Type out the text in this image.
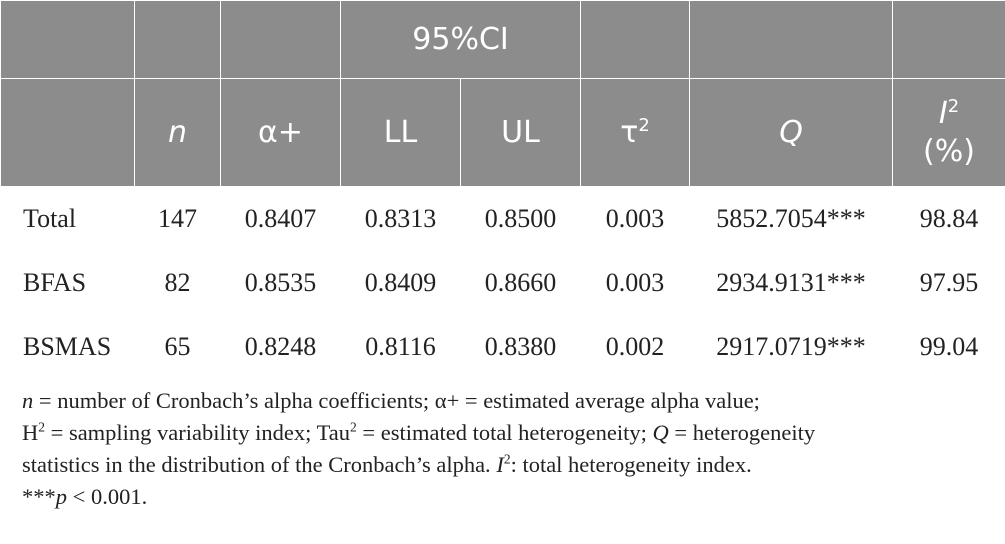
			95%CI				
	n	α+	LL	UL	$\tau^2$	Q	$I^2$
(%)

Total	147	0.8407	0.8313	0.8500	0.003	5852.7054***	98.84
BFAS	82	0.8535	0.8409	0.8660	0.003	2934.9131***	97.95
BSMAS	65	0.8248	0.8116	0.8380	0.002	2917.0719***	99.04

n = number of Cronbach’s alpha coefficients; α+ = estimated average alpha value;

$H^2$ = sampling variability index; Tau$^2$ = estimated total heterogeneity; Q = heterogeneity

statistics in the distribution of the Cronbach’s alpha. $I^2$: total heterogeneity index.

***p < 0.001.
